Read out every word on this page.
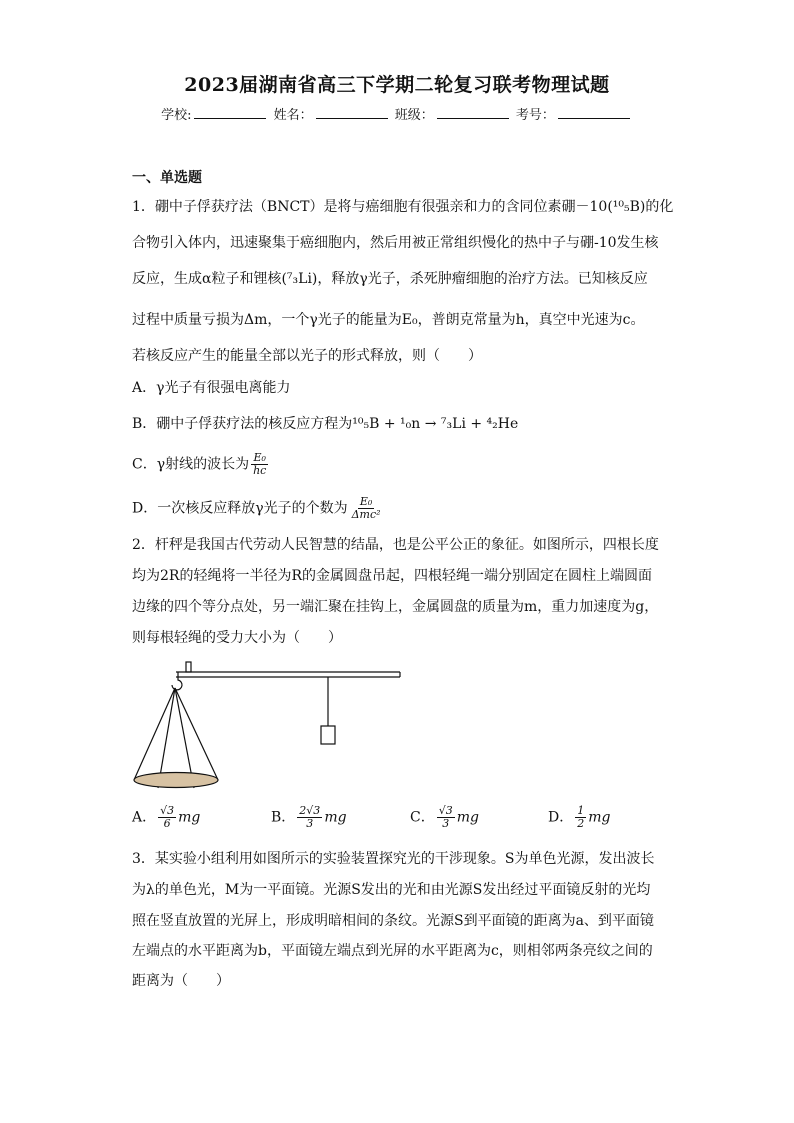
2023届湖南省高三下学期二轮复习联考物理试题
学校:	姓名：	班级：	考号：
一、单选题
1．硼中子俘获疗法（BNCT）是将与癌细胞有很强亲和力的含同位素硼－10(¹⁰₅B)的化
合物引入体内，迅速聚集于癌细胞内，然后用被正常组织慢化的热中子与硼-10发生核
反应，生成α粒子和锂核(⁷₃Li)，释放γ光子，杀死肿瘤细胞的治疗方法。已知核反应
过程中质量亏损为Δm，一个γ光子的能量为E₀，普朗克常量为h，真空中光速为c。
若核反应产生的能量全部以光子的形式释放，则（　　）
A．γ光子有很强电离能力
B．硼中子俘获疗法的核反应方程为¹⁰₅B + ¹₀n → ⁷₃Li + ⁴₂He
C．γ射线的波长为 $\frac{\text{E₀}}{hc}$
D．一次核反应释放γ光子的个数为 $\frac{\text{E₀}}{\text{Δmc²}}$
2．杆秤是我国古代劳动人民智慧的结晶，也是公平公正的象征。如图所示，四根长度
均为2R的轻绳将一半径为R的金属圆盘吊起，四根轻绳一端分别固定在圆柱上端圆面
边缘的四个等分点处，另一端汇聚在挂钩上，金属圆盘的质量为m，重力加速度为g，
则每根轻绳的受力大小为（　　）
A． $\frac{√3}{6}$ mg	B． $\frac{2√3}{3}$ mg	C． $\frac{√3}{3}$ mg	D． $\frac{1}{2}$ mg
3．某实验小组利用如图所示的实验装置探究光的干涉现象。S为单色光源，发出波长
为λ的单色光，M为一平面镜。光源S发出的光和由光源S发出经过平面镜反射的光均
照在竖直放置的光屏上，形成明暗相间的条纹。光源S到平面镜的距离为a、到平面镜
左端点的水平距离为b，平面镜左端点到光屏的水平距离为c，则相邻两条亮纹之间的
距离为（　　）
